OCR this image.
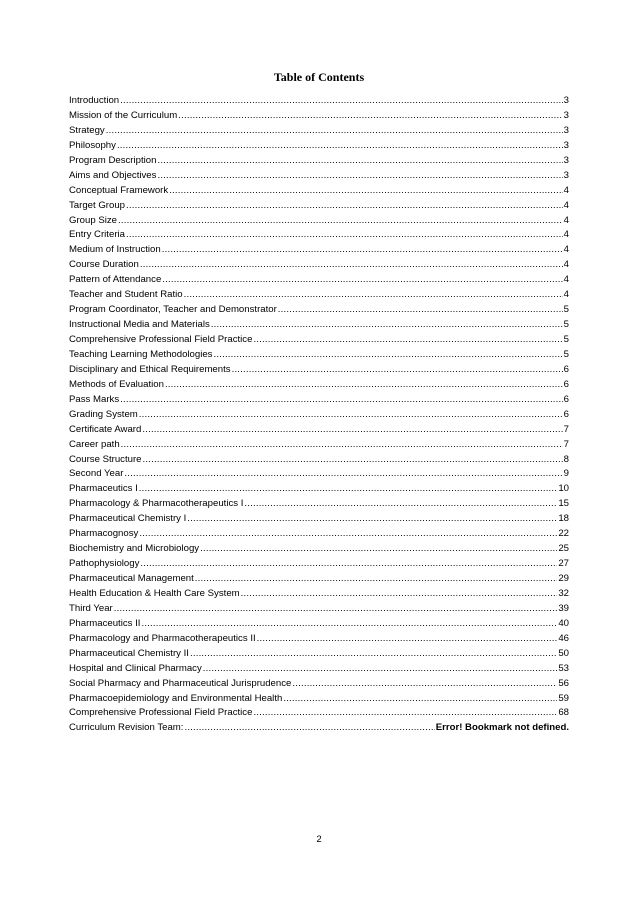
Table of Contents
Introduction .....	3
Mission of the Curriculum .....	3
Strategy .....	3
Philosophy .....	3
Program Description .....	3
Aims and Objectives .....	3
Conceptual Framework .....	4
Target Group .....	4
Group Size .....	4
Entry Criteria .....	4
Medium of Instruction .....	4
Course Duration .....	4
Pattern of Attendance .....	4
Teacher and Student Ratio .....	4
Program Coordinator, Teacher and Demonstrator .....	5
Instructional Media and Materials .....	5
Comprehensive Professional Field Practice .....	5
Teaching Learning Methodologies .....	5
Disciplinary and Ethical Requirements .....	6
Methods of Evaluation .....	6
Pass Marks .....	6
Grading System .....	6
Certificate Award .....	7
Career path .....	7
Course Structure .....	8
Second Year .....	9
Pharmaceutics I .....	10
Pharmacology & Pharmacotherapeutics I .....	15
Pharmaceutical Chemistry I .....	18
Pharmacognosy .....	22
Biochemistry and Microbiology .....	25
Pathophysiology .....	27
Pharmaceutical Management .....	29
Health Education & Health Care System .....	32
Third Year .....	39
Pharmaceutics II .....	40
Pharmacology and Pharmacotherapeutics II .....	46
Pharmaceutical Chemistry II .....	50
Hospital and Clinical Pharmacy .....	53
Social Pharmacy and Pharmaceutical Jurisprudence .....	56
Pharmacoepidemiology and Environmental Health .....	59
Comprehensive Professional Field Practice .....	68
Curriculum Revision Team: .....	Error! Bookmark not defined.
2
